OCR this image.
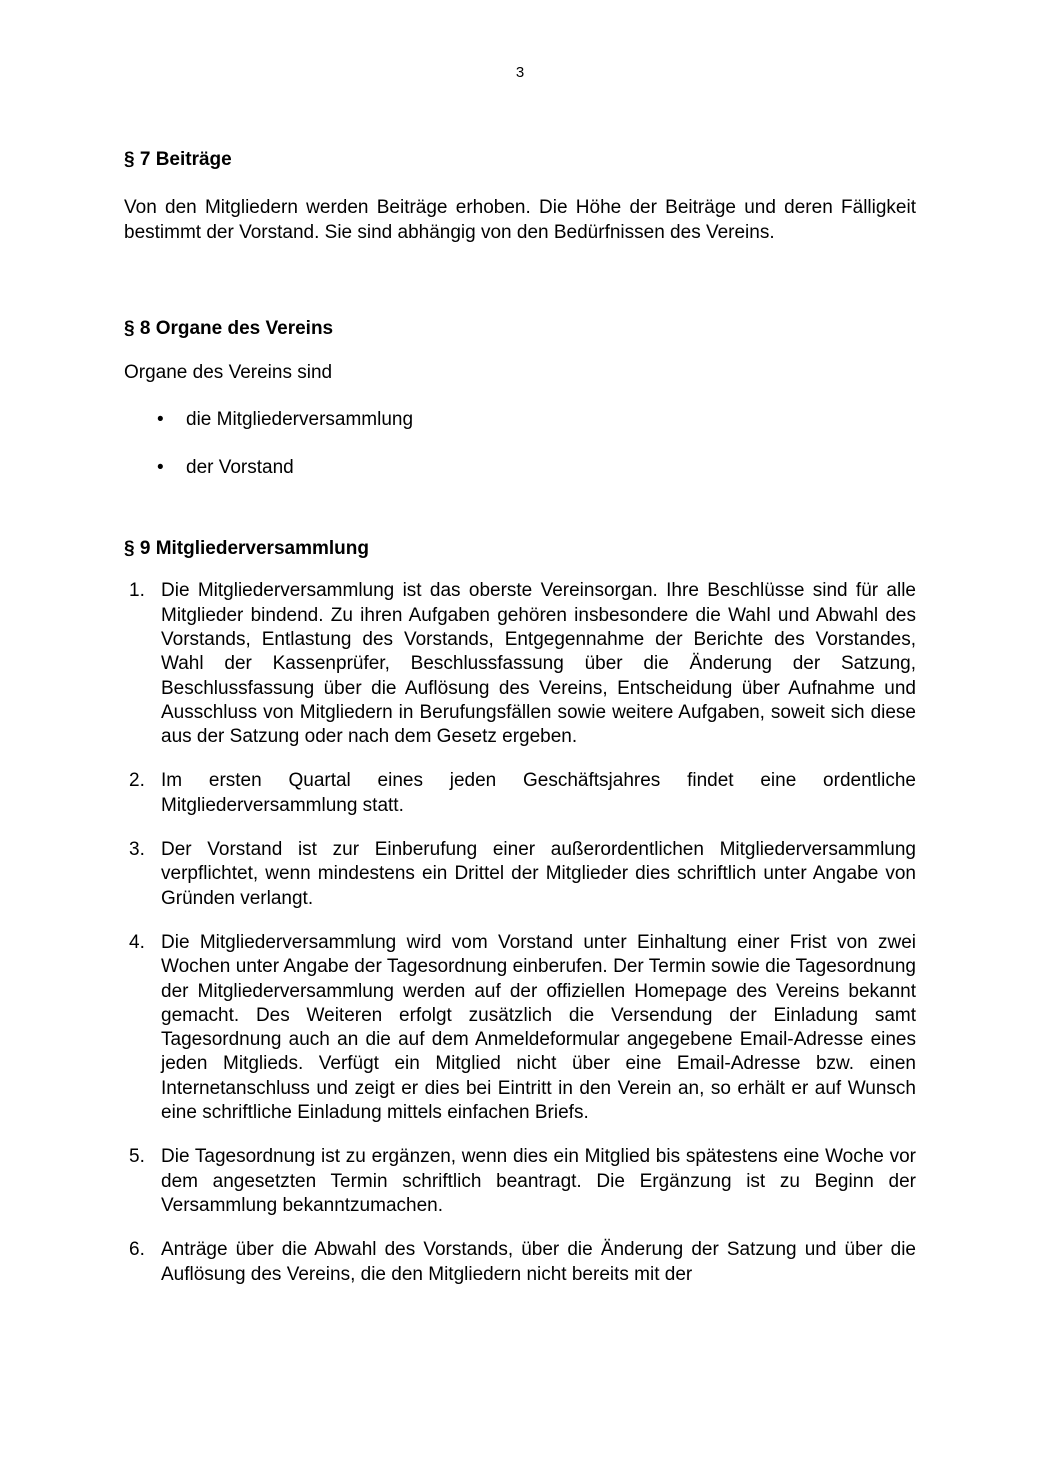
3
§ 7 Beiträge

Von den Mitgliedern werden Beiträge erhoben. Die Höhe der Beiträge und deren Fälligkeit bestimmt der Vorstand. Sie sind abhängig von den Bedürfnissen des Vereins.

§ 8 Organe des Vereins

Organe des Vereins sind

• die Mitgliederversammlung
• der Vorstand
§ 9 Mitgliederversammlung
1. Die Mitgliederversammlung ist das oberste Vereinsorgan. Ihre Beschlüsse sind für alle Mitglieder bindend. Zu ihren Aufgaben gehören insbesondere die Wahl und Abwahl des Vorstands, Entlastung des Vorstands, Entgegennahme der Berichte des Vorstandes, Wahl der Kassenprüfer, Beschlussfassung über die Änderung der Satzung, Beschlussfassung über die Auflösung des Vereins, Entscheidung über Aufnahme und Ausschluss von Mitgliedern in Berufungsfällen sowie weitere Aufgaben, soweit sich diese aus der Satzung oder nach dem Gesetz ergeben.
2. Im ersten Quartal eines jeden Geschäftsjahres findet eine ordentliche Mitgliederversammlung statt.
3. Der Vorstand ist zur Einberufung einer außerordentlichen Mitgliederversammlung verpflichtet, wenn mindestens ein Drittel der Mitglieder dies schriftlich unter Angabe von Gründen verlangt.
4. Die Mitgliederversammlung wird vom Vorstand unter Einhaltung einer Frist von zwei Wochen unter Angabe der Tagesordnung einberufen. Der Termin sowie die Tagesordnung der Mitgliederversammlung werden auf der offiziellen Homepage des Vereins bekannt gemacht. Des Weiteren erfolgt zusätzlich die Versendung der Einladung samt Tagesordnung auch an die auf dem Anmeldeformular angegebene Email-Adresse eines jeden Mitglieds. Verfügt ein Mitglied nicht über eine Email-Adresse bzw. einen Internetanschluss und zeigt er dies bei Eintritt in den Verein an, so erhält er auf Wunsch eine schriftliche Einladung mittels einfachen Briefs.
5. Die Tagesordnung ist zu ergänzen, wenn dies ein Mitglied bis spätestens eine Woche vor dem angesetzten Termin schriftlich beantragt. Die Ergänzung ist zu Beginn der Versammlung bekanntzumachen.
6. Anträge über die Abwahl des Vorstands, über die Änderung der Satzung und über die Auflösung des Vereins, die den Mitgliedern nicht bereits mit der
